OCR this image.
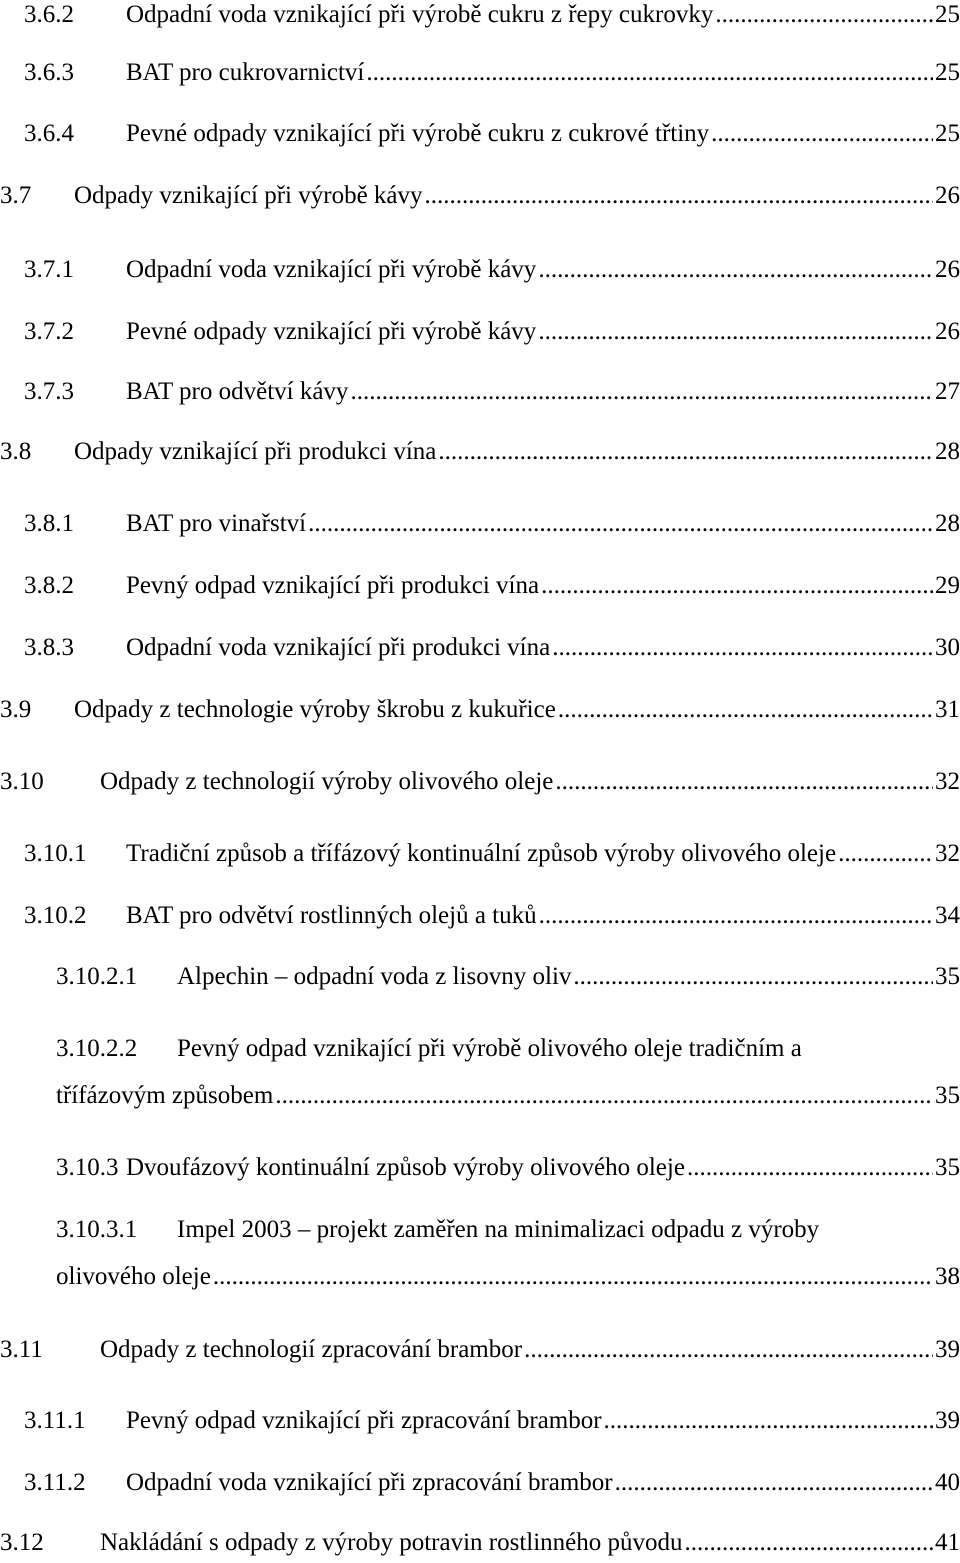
3.6.2	Odpadní voda vznikající při výrobě cukru z řepy cukrovky .....	25
3.6.3	BAT pro cukrovarnictví .....	25
3.6.4	Pevné odpady vznikající při výrobě cukru z cukrové třtiny .....	25
3.7	Odpady vznikající při výrobě kávy .....	26
3.7.1	Odpadní voda vznikající při výrobě kávy .....	26
3.7.2	Pevné odpady vznikající při výrobě kávy .....	26
3.7.3	BAT pro odvětví kávy .....	27
3.8	Odpady vznikající při produkci vína .....	28
3.8.1	BAT pro vinařství .....	28
3.8.2	Pevný odpad vznikající při produkci vína .....	29
3.8.3	Odpadní voda vznikající při produkci vína .....	30
3.9	Odpady z technologie výroby škrobu z kukuřice .....	31
3.10	Odpady z technologií výroby olivového oleje .....	32
3.10.1	Tradiční způsob a třífázový kontinuální způsob výroby olivového oleje .....	32
3.10.2	BAT pro odvětví rostlinných olejů a tuků .....	34
3.10.2.1	Alpechin – odpadní voda z lisovny oliv .....	35
3.10.2.2	Pevný odpad vznikající při výrobě olivového oleje tradičním a
třífázovým způsobem .....	35
3.10.3 Dvoufázový kontinuální způsob výroby olivového oleje .....	35
3.10.3.1	Impel 2003 – projekt zaměřen na minimalizaci odpadu z výroby
olivového oleje .....	38
3.11	Odpady z technologií zpracování brambor .....	39
3.11.1	Pevný odpad vznikající při zpracování brambor .....	39
3.11.2	Odpadní voda vznikající při zpracování brambor .....	40
3.12	Nakládání s odpady z výroby potravin rostlinného původu .....	41
